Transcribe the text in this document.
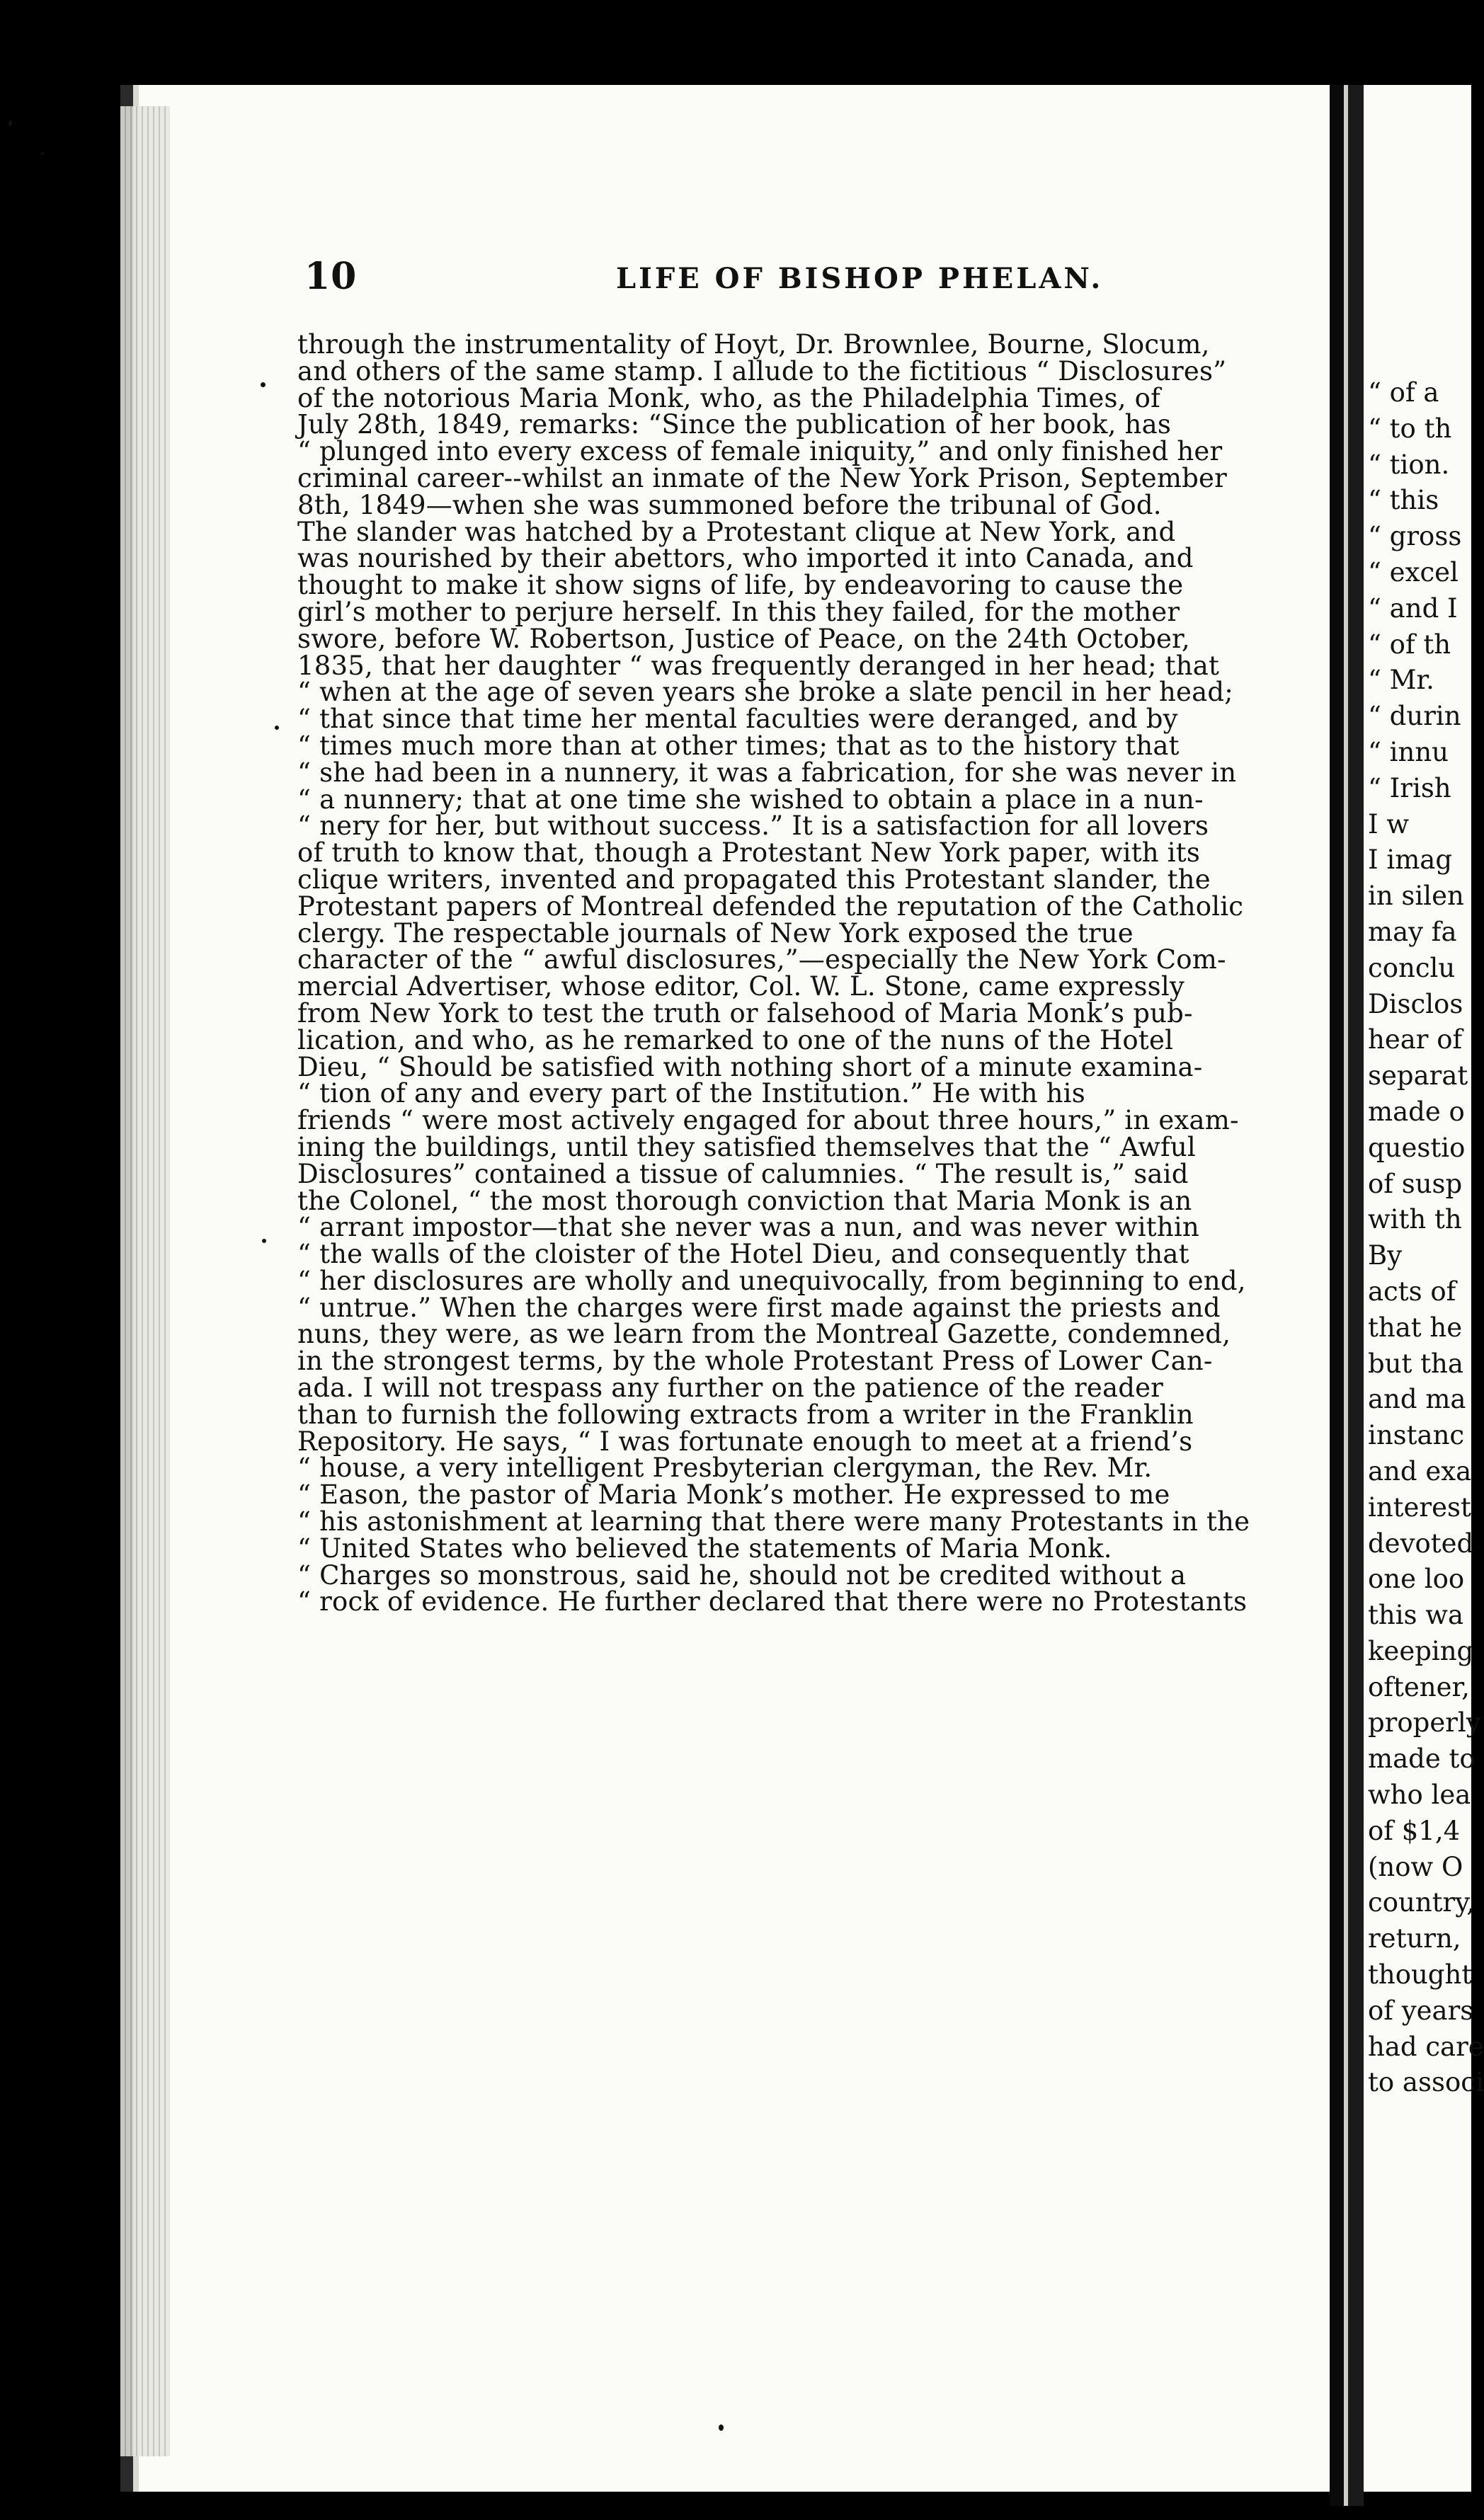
10	LIFE OF BISHOP PHELAN.
through the instrumentality of Hoyt, Dr. Brownlee, Bourne, Slocum,
and others of the same stamp. I allude to the fictitious “ Disclosures”
of the notorious Maria Monk, who, as the Philadelphia Times, of
July 28th, 1849, remarks: “Since the publication of her book, has
“ plunged into every excess of female iniquity,” and only finished her
criminal career--whilst an inmate of the New York Prison, September
8th, 1849—when she was summoned before the tribunal of God.
The slander was hatched by a Protestant clique at New York, and
was nourished by their abettors, who imported it into Canada, and
thought to make it show signs of life, by endeavoring to cause the
girl’s mother to perjure herself. In this they failed, for the mother
swore, before W. Robertson, Justice of Peace, on the 24th October,
1835, that her daughter “ was frequently deranged in her head; that
“ when at the age of seven years she broke a slate pencil in her head;
“ that since that time her mental faculties were deranged, and by
“ times much more than at other times; that as to the history that
“ she had been in a nunnery, it was a fabrication, for she was never in
“ a nunnery; that at one time she wished to obtain a place in a nun-
“ nery for her, but without success.” It is a satisfaction for all lovers
of truth to know that, though a Protestant New York paper, with its
clique writers, invented and propagated this Protestant slander, the
Protestant papers of Montreal defended the reputation of the Catholic
clergy. The respectable journals of New York exposed the true
character of the “ awful disclosures,”—especially the New York Com-
mercial Advertiser, whose editor, Col. W. L. Stone, came expressly
from New York to test the truth or falsehood of Maria Monk’s pub-
lication, and who, as he remarked to one of the nuns of the Hotel
Dieu, “ Should be satisfied with nothing short of a minute examina-
“ tion of any and every part of the Institution.” He with his
friends “ were most actively engaged for about three hours,” in exam-
ining the buildings, until they satisfied themselves that the “ Awful
Disclosures” contained a tissue of calumnies. “ The result is,” said
the Colonel, “ the most thorough conviction that Maria Monk is an
“ arrant impostor—that she never was a nun, and was never within
“ the walls of the cloister of the Hotel Dieu, and consequently that
“ her disclosures are wholly and unequivocally, from beginning to end,
“ untrue.” When the charges were first made against the priests and
nuns, they were, as we learn from the Montreal Gazette, condemned,
in the strongest terms, by the whole Protestant Press of Lower Can-
ada. I will not trespass any further on the patience of the reader
than to furnish the following extracts from a writer in the Franklin
Repository. He says, “ I was fortunate enough to meet at a friend’s
“ house, a very intelligent Presbyterian clergyman, the Rev. Mr.
“ Eason, the pastor of Maria Monk’s mother. He expressed to me
“ his astonishment at learning that there were many Protestants in the
“ United States who believed the statements of Maria Monk.
“ Charges so monstrous, said he, should not be credited without a
“ rock of evidence. He further declared that there were no Protestants
“ of a
“ to th
“ tion.
“ this
“ gross
“ excel
“ and I
“ of th
“ Mr.
“ durin
“ innu
“ Irish
I w
I imag
in silen
may fa
conclu
Disclos
hear of
separat
made o
questio
of susp
with th
By
acts of
that he
but tha
and ma
instanc
and exa
interest
devoted
one loo
this wa
keeping
oftener,
properly
made to
who lea
of $1,4
(now O
country,
return,
thought
of years
had care
to associ
